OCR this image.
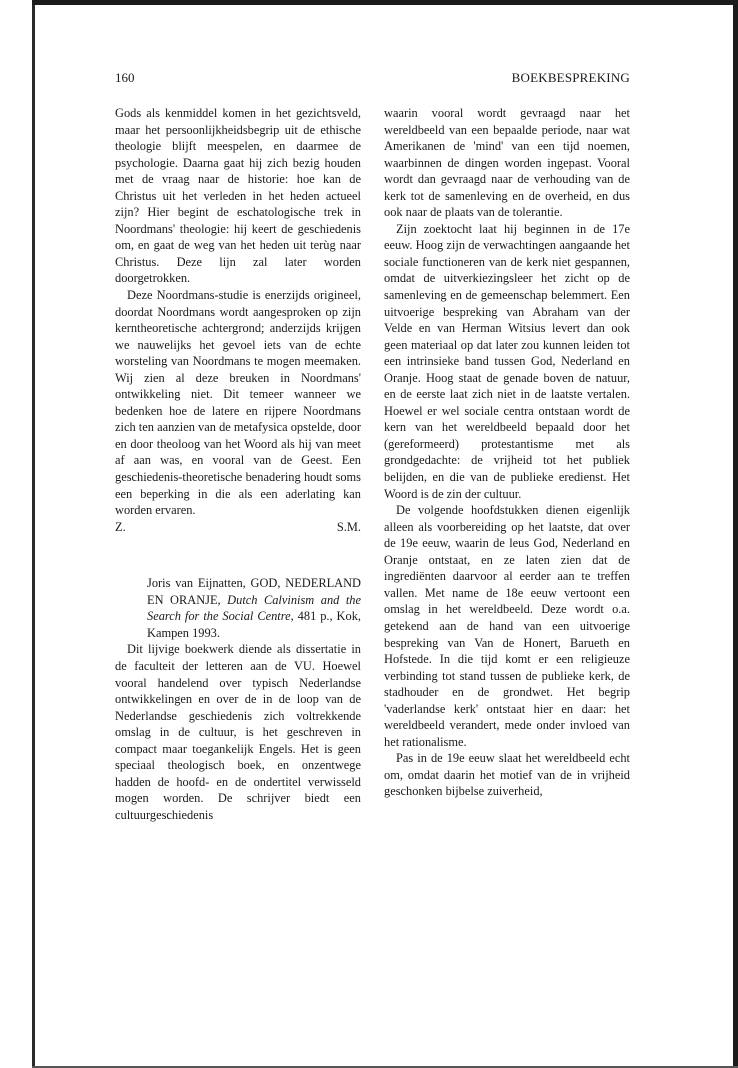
160	BOEKBESPREKING

Gods als kenmiddel komen in het gezichtsveld, maar het persoonlijkheidsbegrip uit de ethische theologie blijft meespelen, en daarmee de psychologie. Daarna gaat hij zich bezig houden met de vraag naar de historie: hoe kan de Christus uit het verleden in het heden actueel zijn? Hier begint de eschatologische trek in Noordmans' theologie: hij keert de geschiedenis om, en gaat de weg van het heden uit terùg naar Christus. Deze lijn zal later worden doorgetrokken.

Deze Noordmans-studie is enerzijds origineel, doordat Noordmans wordt aangesproken op zijn kerntheoretische achtergrond; anderzijds krijgen we nauwelijks het gevoel iets van de echte worsteling van Noordmans te mogen meemaken. Wij zien al deze breuken in Noordmans' ontwikkeling niet. Dit temeer wanneer we bedenken hoe de latere en rijpere Noordmans zich ten aanzien van de metafysica opstelde, door en door theoloog van het Woord als hij van meet af aan was, en vooral van de Geest. Een geschiedenis-theoretische benadering houdt soms een beperking in die als een aderlating kan worden ervaren.

Z.	S.M.

Joris van Eijnatten, GOD, NEDERLAND EN ORANJE, Dutch Calvinism and the Search for the Social Centre, 481 p., Kok, Kampen 1993.

Dit lijvige boekwerk diende als dissertatie in de faculteit der letteren aan de VU. Hoewel vooral handelend over typisch Nederlandse ontwikkelingen en over de in de loop van de Nederlandse geschiedenis zich voltrekkende omslag in de cultuur, is het geschreven in compact maar toegankelijk Engels. Het is geen speciaal theologisch boek, en onzentwege hadden de hoofd- en de ondertitel verwisseld mogen worden. De schrijver biedt een cultuurgeschiedenis

waarin vooral wordt gevraagd naar het wereldbeeld van een bepaalde periode, naar wat Amerikanen de 'mind' van een tijd noemen, waarbinnen de dingen worden ingepast. Vooral wordt dan gevraagd naar de verhouding van de kerk tot de samenleving en de overheid, en dus ook naar de plaats van de tolerantie.

Zijn zoektocht laat hij beginnen in de 17e eeuw. Hoog zijn de verwachtingen aangaande het sociale functioneren van de kerk niet gespannen, omdat de uitverkiezingsleer het zicht op de samenleving en de gemeenschap belemmert. Een uitvoerige bespreking van Abraham van der Velde en van Herman Witsius levert dan ook geen materiaal op dat later zou kunnen leiden tot een intrinsieke band tussen God, Nederland en Oranje. Hoog staat de genade boven de natuur, en de eerste laat zich niet in de laatste vertalen. Hoewel er wel sociale centra ontstaan wordt de kern van het wereldbeeld bepaald door het (gereformeerd) protestantisme met als grondgedachte: de vrijheid tot het publiek belijden, en die van de publieke eredienst. Het Woord is de zin der cultuur.

De volgende hoofdstukken dienen eigenlijk alleen als voorbereiding op het laatste, dat over de 19e eeuw, waarin de leus God, Nederland en Oranje ontstaat, en ze laten zien dat de ingrediënten daarvoor al eerder aan te treffen vallen. Met name de 18e eeuw vertoont een omslag in het wereldbeeld. Deze wordt o.a. getekend aan de hand van een uitvoerige bespreking van Van de Honert, Barueth en Hofstede. In die tijd komt er een religieuze verbinding tot stand tussen de publieke kerk, de stadhouder en de grondwet. Het begrip 'vaderlandse kerk' ontstaat hier en daar: het wereldbeeld verandert, mede onder invloed van het rationalisme.

Pas in de 19e eeuw slaat het wereldbeeld echt om, omdat daarin het motief van de in vrijheid geschonken bijbelse zuiverheid,
